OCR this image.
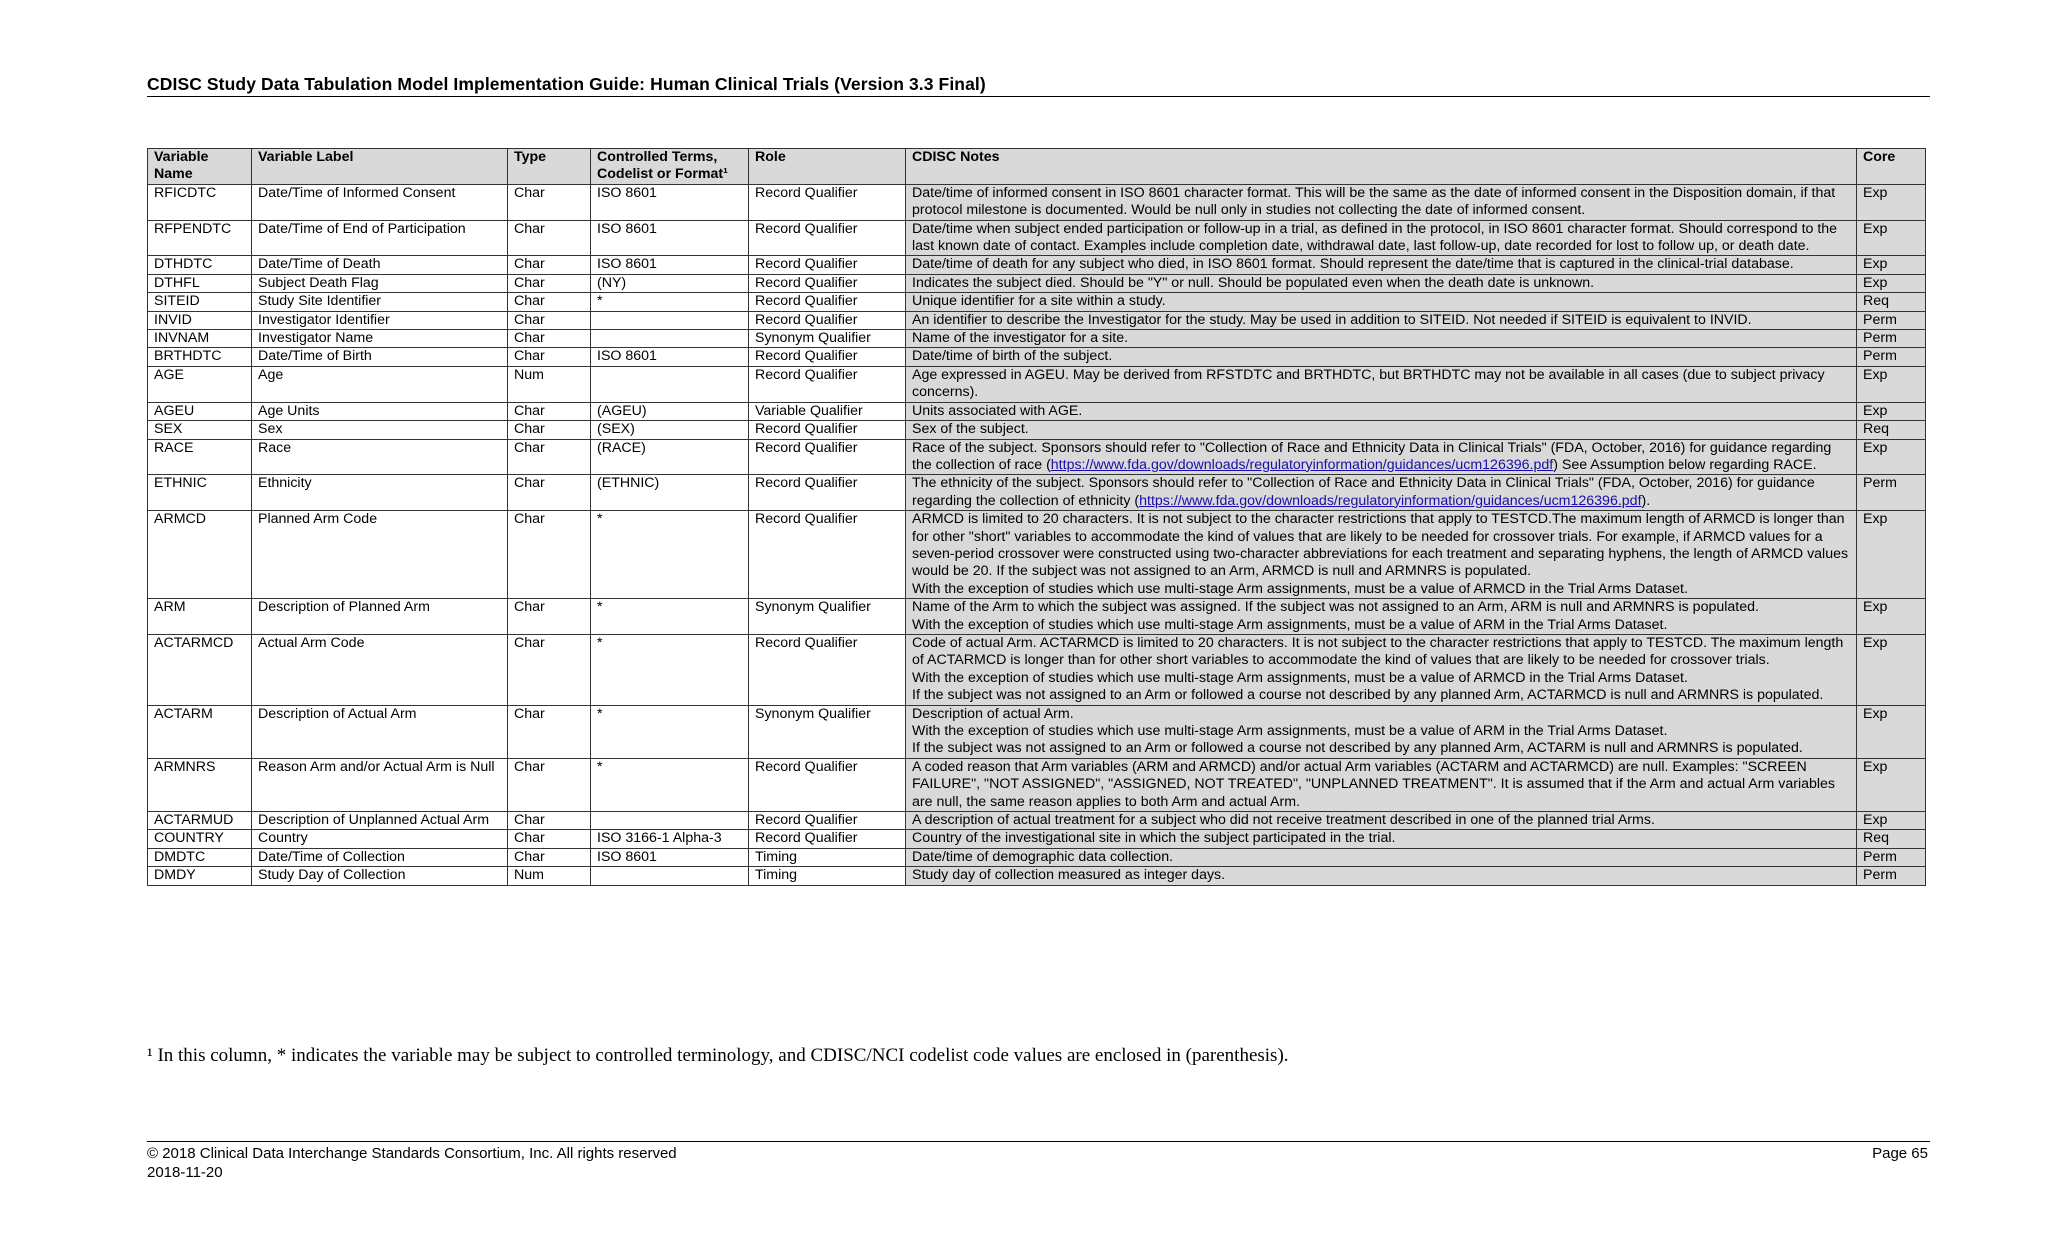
CDISC Study Data Tabulation Model Implementation Guide: Human Clinical Trials (Version 3.3 Final)
Variable Name	Variable Label	Type	Controlled Terms, Codelist or Format¹	Role	CDISC Notes	Core
RFICDTC	Date/Time of Informed Consent	Char	ISO 8601	Record Qualifier	Date/time of informed consent in ISO 8601 character format. This will be the same as the date of informed consent in the Disposition domain, if that protocol milestone is documented. Would be null only in studies not collecting the date of informed consent.	Exp
RFPENDTC	Date/Time of End of Participation	Char	ISO 8601	Record Qualifier	Date/time when subject ended participation or follow-up in a trial, as defined in the protocol, in ISO 8601 character format. Should correspond to the last known date of contact. Examples include completion date, withdrawal date, last follow-up, date recorded for lost to follow up, or death date.	Exp
DTHDTC	Date/Time of Death	Char	ISO 8601	Record Qualifier	Date/time of death for any subject who died, in ISO 8601 format. Should represent the date/time that is captured in the clinical-trial database.	Exp
DTHFL	Subject Death Flag	Char	(NY)	Record Qualifier	Indicates the subject died. Should be "Y" or null. Should be populated even when the death date is unknown.	Exp
SITEID	Study Site Identifier	Char	*	Record Qualifier	Unique identifier for a site within a study.	Req
INVID	Investigator Identifier	Char		Record Qualifier	An identifier to describe the Investigator for the study. May be used in addition to SITEID. Not needed if SITEID is equivalent to INVID.	Perm
INVNAM	Investigator Name	Char		Synonym Qualifier	Name of the investigator for a site.	Perm
BRTHDTC	Date/Time of Birth	Char	ISO 8601	Record Qualifier	Date/time of birth of the subject.	Perm
AGE	Age	Num		Record Qualifier	Age expressed in AGEU. May be derived from RFSTDTC and BRTHDTC, but BRTHDTC may not be available in all cases (due to subject privacy concerns).	Exp
AGEU	Age Units	Char	(AGEU)	Variable Qualifier	Units associated with AGE.	Exp
SEX	Sex	Char	(SEX)	Record Qualifier	Sex of the subject.	Req
RACE	Race	Char	(RACE)	Record Qualifier	Race of the subject. Sponsors should refer to "Collection of Race and Ethnicity Data in Clinical Trials" (FDA, October, 2016) for guidance regarding the collection of race (https://www.fda.gov/downloads/regulatoryinformation/guidances/ucm126396.pdf) See Assumption below regarding RACE.	Exp
ETHNIC	Ethnicity	Char	(ETHNIC)	Record Qualifier	The ethnicity of the subject. Sponsors should refer to "Collection of Race and Ethnicity Data in Clinical Trials" (FDA, October, 2016) for guidance regarding the collection of ethnicity (https://www.fda.gov/downloads/regulatoryinformation/guidances/ucm126396.pdf).	Perm
ARMCD	Planned Arm Code	Char	*	Record Qualifier	ARMCD is limited to 20 characters. It is not subject to the character restrictions that apply to TESTCD.The maximum length of ARMCD is longer than for other "short" variables to accommodate the kind of values that are likely to be needed for crossover trials. For example, if ARMCD values for a seven-period crossover were constructed using two-character abbreviations for each treatment and separating hyphens, the length of ARMCD values would be 20. If the subject was not assigned to an Arm, ARMCD is null and ARMNRS is populated.
With the exception of studies which use multi-stage Arm assignments, must be a value of ARMCD in the Trial Arms Dataset.	Exp
ARM	Description of Planned Arm	Char	*	Synonym Qualifier	Name of the Arm to which the subject was assigned. If the subject was not assigned to an Arm, ARM is null and ARMNRS is populated.
With the exception of studies which use multi-stage Arm assignments, must be a value of ARM in the Trial Arms Dataset.	Exp
ACTARMCD	Actual Arm Code	Char	*	Record Qualifier	Code of actual Arm. ACTARMCD is limited to 20 characters. It is not subject to the character restrictions that apply to TESTCD. The maximum length of ACTARMCD is longer than for other short variables to accommodate the kind of values that are likely to be needed for crossover trials.
With the exception of studies which use multi-stage Arm assignments, must be a value of ARMCD in the Trial Arms Dataset.
If the subject was not assigned to an Arm or followed a course not described by any planned Arm, ACTARMCD is null and ARMNRS is populated.	Exp
ACTARM	Description of Actual Arm	Char	*	Synonym Qualifier	Description of actual Arm.
With the exception of studies which use multi-stage Arm assignments, must be a value of ARM in the Trial Arms Dataset.
If the subject was not assigned to an Arm or followed a course not described by any planned Arm, ACTARM is null and ARMNRS is populated.	Exp
ARMNRS	Reason Arm and/or Actual Arm is Null	Char	*	Record Qualifier	A coded reason that Arm variables (ARM and ARMCD) and/or actual Arm variables (ACTARM and ACTARMCD) are null. Examples: "SCREEN FAILURE", "NOT ASSIGNED", "ASSIGNED, NOT TREATED", "UNPLANNED TREATMENT". It is assumed that if the Arm and actual Arm variables are null, the same reason applies to both Arm and actual Arm.	Exp
ACTARMUD	Description of Unplanned Actual Arm	Char		Record Qualifier	A description of actual treatment for a subject who did not receive treatment described in one of the planned trial Arms.	Exp
COUNTRY	Country	Char	ISO 3166-1 Alpha-3	Record Qualifier	Country of the investigational site in which the subject participated in the trial.	Req
DMDTC	Date/Time of Collection	Char	ISO 8601	Timing	Date/time of demographic data collection.	Perm
DMDY	Study Day of Collection	Num		Timing	Study day of collection measured as integer days.	Perm
¹ In this column, * indicates the variable may be subject to controlled terminology, and CDISC/NCI codelist code values are enclosed in (parenthesis).
© 2018 Clinical Data Interchange Standards Consortium, Inc. All rights reserved
2018-11-20
Page 65
